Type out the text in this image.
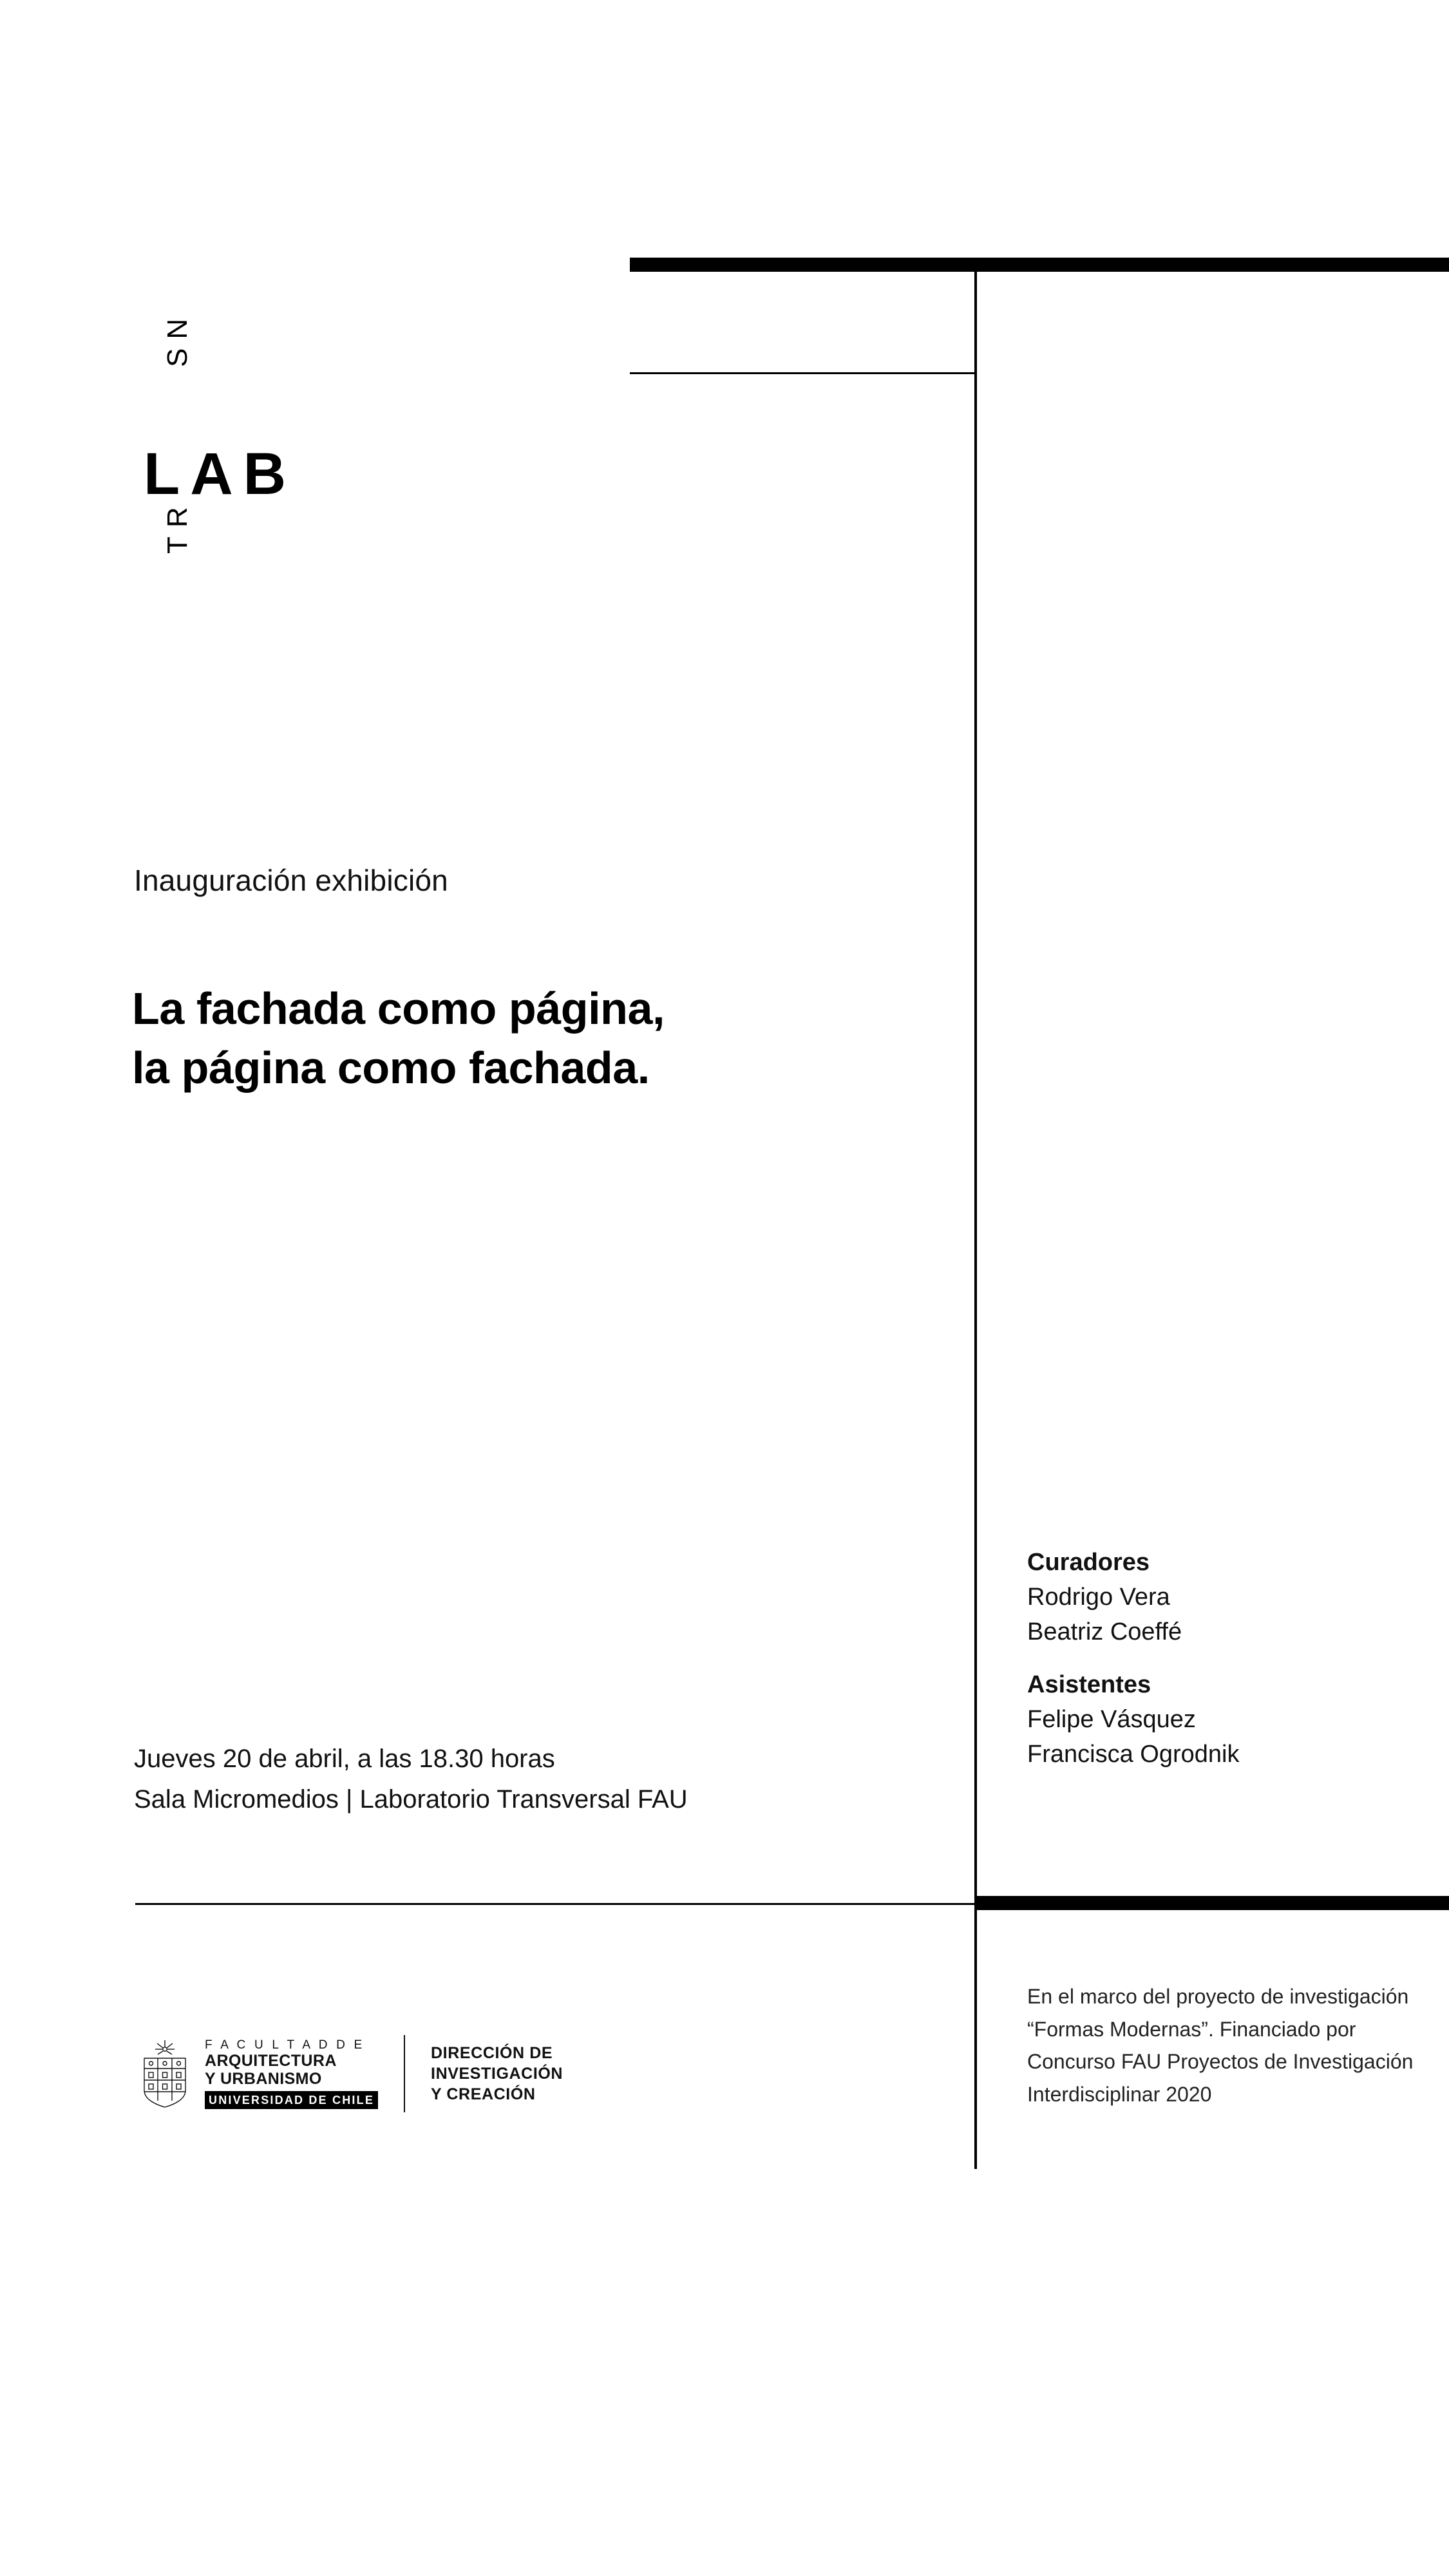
SN
LAB
TR
Inauguración exhibición
La fachada como página,
la página como fachada.
Jueves 20 de abril, a las 18.30 horas
Sala Micromedios | Laboratorio Transversal FAU
Curadores
Rodrigo Vera
Beatriz Coeffé
Asistentes
Felipe Vásquez
Francisca Ogrodnik
En el marco del proyecto de investigación “Formas Modernas”. Financiado por Concurso FAU Proyectos de Investigación Interdisciplinar 2020
F A C U L T A D D E
ARQUITECTURA
Y URBANISMO
UNIVERSIDAD DE CHILE
DIRECCIÓN DE
INVESTIGACIÓN
Y CREACIÓN
